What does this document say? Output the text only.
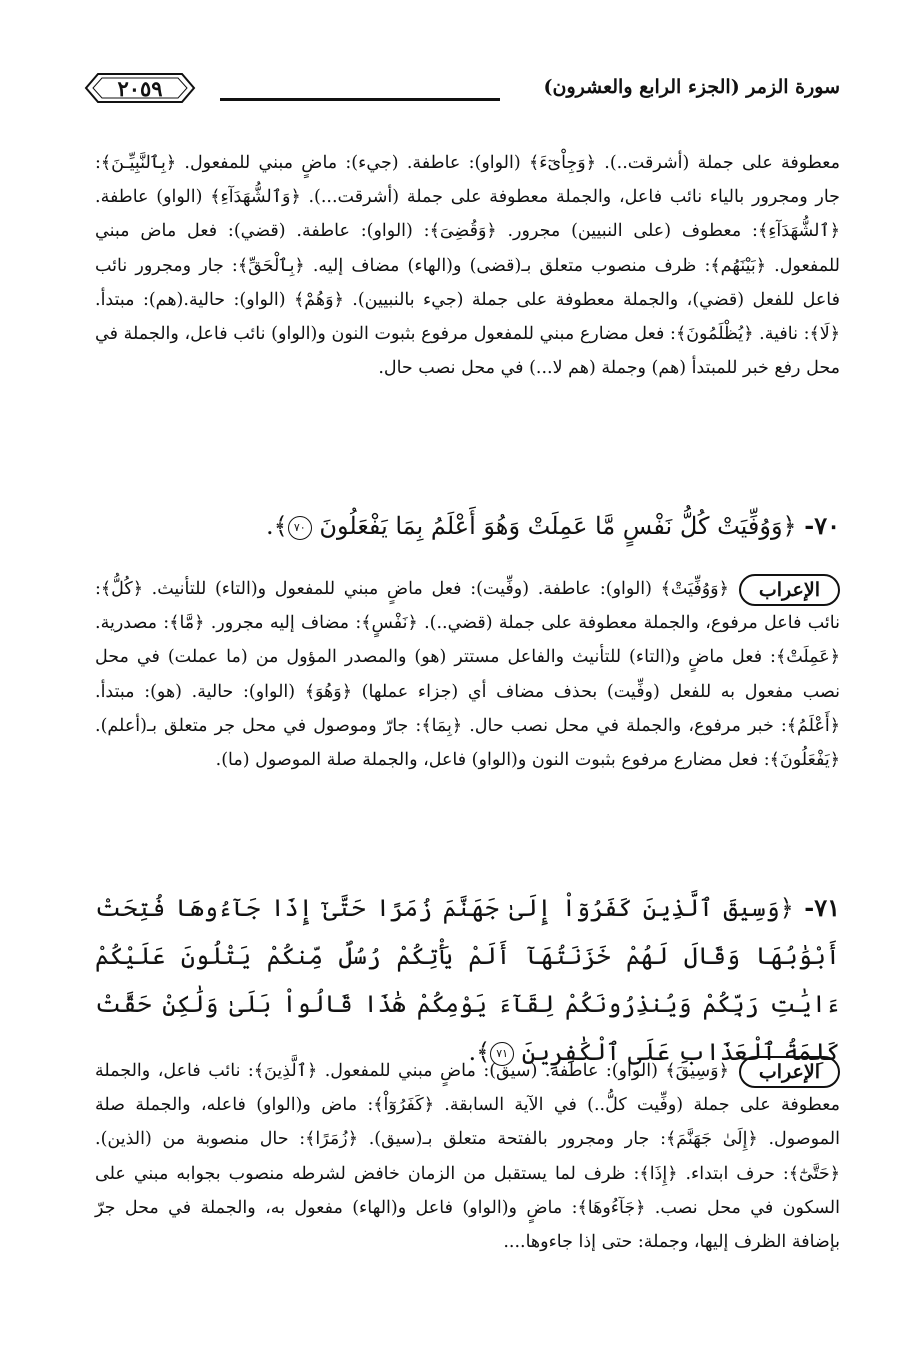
سورة الزمر (الجزء الرابع والعشرون)
٢٠٥٩
معطوفة على جملة (أشرقت..). ﴿وَجِاْىٓءَ﴾ (الواو): عاطفة. (جيء): ماضٍ مبني للمفعول. ﴿بِٱلنَّبِيِّـنَ﴾: جار ومجرور بالياء نائب فاعل، والجملة معطوفة على جملة (أشرقت...). ﴿وَٱلشُّهَدَآءِ﴾ (الواو) عاطفة. ﴿ٱلشُّهَدَآءِ﴾: معطوف (على النبيين) مجرور. ﴿وَقُضِىَ﴾: (الواو): عاطفة. (قضي): فعل ماض مبني للمفعول. ﴿بَيْنَهُم﴾: ظرف منصوب متعلق بـ(قضى) و(الهاء) مضاف إليه. ﴿بِٱلْحَقِّ﴾: جار ومجرور نائب فاعل للفعل (قضي)، والجملة معطوفة على جملة (جيء بالنبيين). ﴿وَهُمْ﴾ (الواو): حالية.(هم): مبتدأ. ﴿لَا﴾: نافية. ﴿يُظْلَمُونَ﴾: فعل مضارع مبني للمفعول مرفوع بثبوت النون و(الواو) نائب فاعل، والجملة في محل رفع خبر للمبتدأ (هم) وجملة (هم لا...) في محل نصب حال.
٧٠- ﴿وَوُفِّيَتْ كُلُّ نَفْسٍ مَّا عَمِلَتْ وَهُوَ أَعْلَمُ بِمَا يَفْعَلُونَ ٧٠﴾.
الإعراب
﴿وَوُفِّيَتْ﴾ (الواو): عاطفة. (وفِّيت): فعل ماضٍ مبني للمفعول و(التاء) للتأنيث. ﴿كُلُّ﴾: نائب فاعل مرفوع، والجملة معطوفة على جملة (قضي..). ﴿نَفْسٍ﴾: مضاف إليه مجرور. ﴿مَّا﴾: مصدرية. ﴿عَمِلَتْ﴾: فعل ماضٍ و(التاء) للتأنيث والفاعل مستتر (هو) والمصدر المؤول من (ما عملت) في محل نصب مفعول به للفعل (وفِّيت) بحذف مضاف أي (جزاء عملها) ﴿وَهُوَ﴾ (الواو): حالية. (هو): مبتدأ. ﴿أَعْلَمُ﴾: خبر مرفوع، والجملة في محل نصب حال. ﴿بِمَا﴾: جارّ وموصول في محل جر متعلق بـ(أعلم). ﴿يَفْعَلُونَ﴾: فعل مضارع مرفوع بثبوت النون و(الواو) فاعل، والجملة صلة الموصول (ما).
٧١- ﴿وَسِيقَ ٱلَّذِينَ كَفَرُوٓاْ إِلَىٰ جَهَنَّمَ زُمَرًا حَتَّىٰٓ إِذَا جَآءُوهَا فُتِحَتْ أَبْوَٰبُهَا وَقَالَ لَهُمْ خَزَنَتُهَآ أَلَمْ يَأْتِكُمْ رُسُلٌ مِّنكُمْ يَتْلُونَ عَلَيْكُمْ ءَايَٰتِ رَبِّكُمْ وَيُنذِرُونَكُمْ لِقَآءَ يَوْمِكُمْ هَٰذَا قَالُواْ بَلَىٰ وَلَٰكِنْ حَقَّتْ كَلِمَةُ ٱلْعَذَابِ عَلَى ٱلْكَٰفِرِينَ ٧١﴾.
الإعراب
﴿وَسِيقَ﴾ (الواو): عاطفة. (سيق): ماضٍ مبني للمفعول. ﴿ٱلَّذِينَ﴾: نائب فاعل، والجملة معطوفة على جملة (وفِّيت كلُّ..) في الآية السابقة. ﴿كَفَرُوٓاْ﴾: ماض و(الواو) فاعله، والجملة صلة الموصول. ﴿إِلَىٰ جَهَنَّمَ﴾: جار ومجرور بالفتحة متعلق بـ(سيق). ﴿زُمَرًا﴾: حال منصوبة من (الذين). ﴿حَتَّىٰٓ﴾: حرف ابتداء. ﴿إِذَا﴾: ظرف لما يستقبل من الزمان خافض لشرطه منصوب بجوابه مبني على السكون في محل نصب. ﴿جَآءُوهَا﴾: ماضٍ و(الواو) فاعل و(الهاء) مفعول به، والجملة في محل جرّ بإضافة الظرف إليها، وجملة: حتى إذا جاءوها....
